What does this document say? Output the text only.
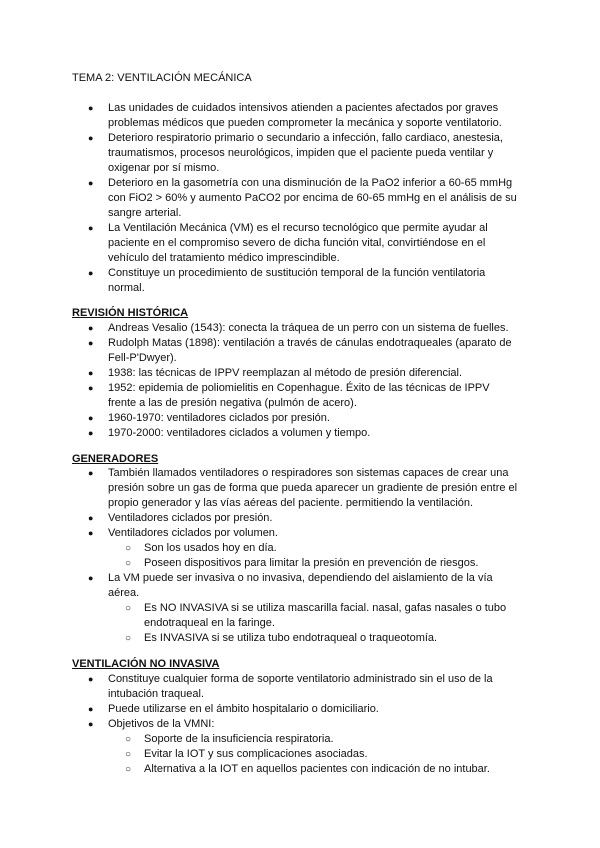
TEMA 2: VENTILACIÓN MECÁNICA
● Las unidades de cuidados intensivos atienden a pacientes afectados por graves problemas médicos que pueden comprometer la mecánica y soporte ventilatorio.
● Deterioro respiratorio primario o secundario a infección, fallo cardiaco, anestesia, traumatismos, procesos neurológicos, impiden que el paciente pueda ventilar y oxigenar por sí mismo.
● Deterioro en la gasometría con una disminución de la PaO2 inferior a 60-65 mmHg con FiO2 > 60% y aumento PaCO2 por encima de 60-65 mmHg en el análisis de su sangre arterial.
● La Ventilación Mecánica (VM) es el recurso tecnológico que permite ayudar al paciente en el compromiso severo de dicha función vital, convirtiéndose en el vehículo del tratamiento médico imprescindible.
● Constituye un procedimiento de sustitución temporal de la función ventilatoria normal.
REVISIÓN HISTÓRICA
● Andreas Vesalio (1543): conecta la tráquea de un perro con un sistema de fuelles.
● Rudolph Matas (1898): ventilación a través de cánulas endotraqueales (aparato de Fell-P'Dwyer).
● 1938: las técnicas de IPPV reemplazan al método de presión diferencial.
● 1952: epidemia de poliomielitis en Copenhague. Éxito de las técnicas de IPPV frente a las de presión negativa (pulmón de acero).
● 1960-1970: ventiladores ciclados por presión.
● 1970-2000: ventiladores ciclados a volumen y tiempo.
GENERADORES
● También llamados ventiladores o respiradores son sistemas capaces de crear una presión sobre un gas de forma que pueda aparecer un gradiente de presión entre el propio generador y las vías aéreas del paciente. permitiendo la ventilación.
● Ventiladores ciclados por presión.
● Ventiladores ciclados por volumen.
○ Son los usados hoy en día.
○ Poseen dispositivos para limitar la presión en prevención de riesgos.
● La VM puede ser invasiva o no invasiva, dependiendo del aislamiento de la vía aérea.
○ Es NO INVASIVA si se utiliza mascarilla facial. nasal, gafas nasales o tubo endotraqueal en la faringe.
○ Es INVASIVA si se utiliza tubo endotraqueal o traqueotomía.
VENTILACIÓN NO INVASIVA
● Constituye cualquier forma de soporte ventilatorio administrado sin el uso de la intubación traqueal.
● Puede utilizarse en el ámbito hospitalario o domiciliario.
● Objetivos de la VMNI:
○ Soporte de la insuficiencia respiratoria.
○ Evitar la IOT y sus complicaciones asociadas.
○ Alternativa a la IOT en aquellos pacientes con indicación de no intubar.
